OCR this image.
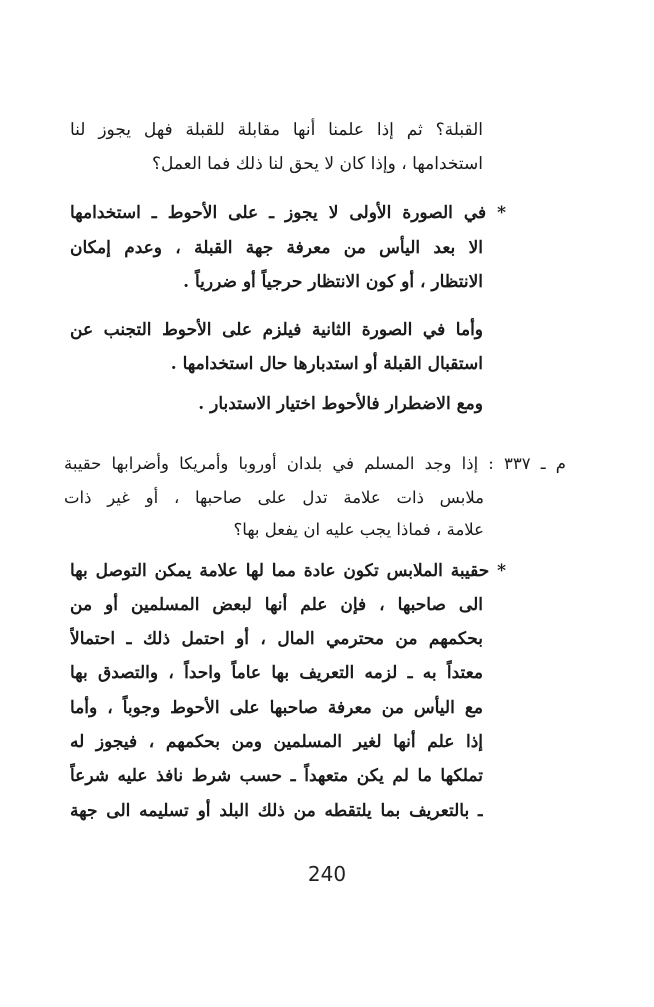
القبلة؟ ثم إذا علمنا أنها مقابلة للقبلة فهل يجوز لنا
استخدامها ، وإذا كان لا يحق لنا ذلك فما العمل؟
* في الصورة الأولى لا يجوز ـ على الأحوط ـ استخدامها
الا بعد اليأس من معرفة جهة القبلة ، وعدم إمكان
الانتظار ، أو كون الانتظار حرجياً أو ضررياً .
وأما في الصورة الثانية فيلزم على الأحوط التجنب عن
استقبال القبلة أو استدبارها حال استخدامها .
ومع الاضطرار فالأحوط اختيار الاستدبار .
م ـ ٣٣٧ : إذا وجد المسلم في بلدان أوروبا وأمريكا وأضرابها حقيبة
ملابس ذات علامة تدل على صاحبها ، أو غير ذات
علامة ، فماذا يجب عليه ان يفعل بها؟
* حقيبة الملابس تكون عادة مما لها علامة يمكن التوصل بها
الى صاحبها ، فإن علم أنها لبعض المسلمين أو من
بحكمهم من محترمي المال ، أو احتمل ذلك ـ احتمالاً
معتداً به ـ لزمه التعريف بها عاماً واحداً ، والتصدق بها
مع اليأس من معرفة صاحبها على الأحوط وجوباً ، وأما
إذا علم أنها لغير المسلمين ومن بحكمهم ، فيجوز له
تملكها ما لم يكن متعهداً ـ حسب شرط نافذ عليه شرعاً
ـ بالتعريف بما يلتقطه من ذلك البلد أو تسليمه الى جهة
240
